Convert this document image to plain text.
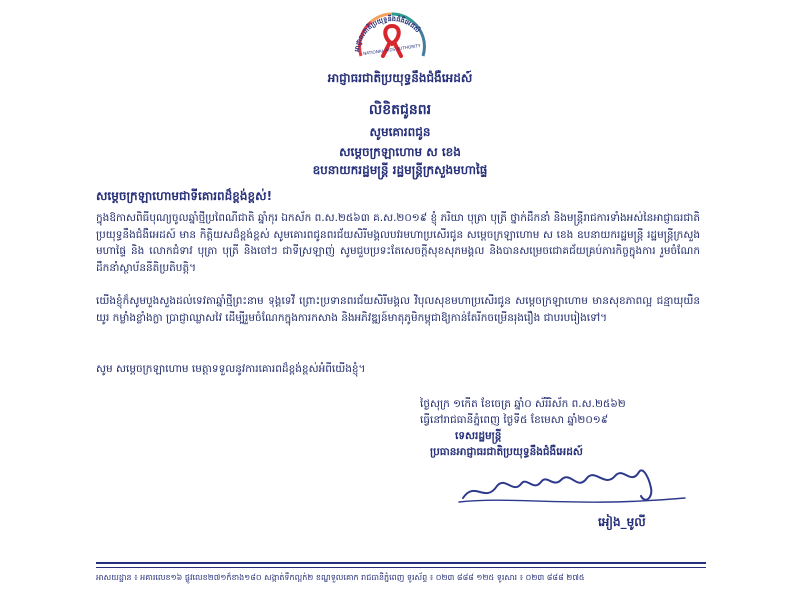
អាជ្ញាធរជាតិប្រយុទ្ធនឹងជំងឺអេដស៍
NATIONAL AIDS AUTHORITY
អាជ្ញាធរជាតិប្រយុទ្ធនឹងជំងឺអេដស៍
លិខិតជូនពរ
សូមគោរពជូន
សម្តេចក្រឡាហោម ស ខេង
ឧបនាយករដ្ឋមន្ត្រី រដ្ឋមន្ត្រីក្រសួងមហាផ្ទៃ
សម្តេចក្រឡាហោមជាទីគោរពដ៏ខ្ពង់ខ្ពស់!
ក្នុងឱកាសពិធីបុណ្យចូលឆ្នាំថ្មីប្រពៃណីជាតិ ឆ្នាំកុរ ឯកស័ក ព.ស.២៥៦៣ គ.ស.២០១៩ ខ្ញុំ ភរិយា បុត្រា បុត្រី ថ្នាក់ដឹកនាំ និងមន្ត្រីរាជការទាំងអស់នៃអាជ្ញាធរជាតិប្រយុទ្ធនឹងជំងឺអេដស៍ មាន កិត្តិយសដ៏ខ្ពង់ខ្ពស់ សូមគោរពជូនពរជ័យសិរីមង្គលបវរមហាប្រសើរជូន សម្តេចក្រឡាហោម ស ខេង ឧបនាយករដ្ឋមន្ត្រី រដ្ឋមន្ត្រីក្រសួងមហាផ្ទៃ និង លោកជំទាវ បុត្រា បុត្រី និងចៅៗ ជាទីស្រឡាញ់ សូមជួបប្រទះតែសេចក្តីសុខសុភមង្គល និងបានសម្រេចជោគជ័យគ្រប់ភារកិច្ចក្នុងការ រួមចំណែកដឹកនាំស្ថាប័ននីតិប្រតិបត្តិ។
យើងខ្ញុំក៏សូមបួងសួងដល់ទេវតាឆ្នាំថ្មីព្រះនាម ទុង្គទេវី ព្រោះប្រទានពរជ័យសិរីមង្គល វិបុលសុខមហាប្រសើរជូន សម្តេចក្រឡាហោម មានសុខភាពល្អ ជន្មាយុយឺនយូរ កម្លាំងខ្លាំងក្លា ប្រាជ្ញាឈ្លាសវៃ ដើម្បីរួមចំណែកក្នុងការកសាង និងអភិវឌ្ឍន៍មាតុភូមិកម្ពុជាឱ្យកាន់តែរីកចម្រើនរុងរឿង ជាបរបរៀងទៅ។
សូម សម្តេចក្រឡាហោម មេត្តាទទួលនូវការគោរពដ៏ខ្ពង់ខ្ពស់អំពីយើងខ្ញុំ។
ថ្ងៃសុក្រ ១កើត ខែចេត្រ ឆ្នាំ០ ស័រីរិស័ក ព.ស.២៥៦២
ធ្វើនៅរាជធានីភ្នំពេញ ថ្ងៃទី៥ ខែមេសា ឆ្នាំ២០១៩
ទេសរដ្ឋមន្ត្រី
ប្រធានអាជ្ញាធរជាតិប្រយុទ្ធនឹងជំងឺអេដស៍
អៀង_មូលី
អាសយដ្ឋាន ៖ អគារលេខ១៦ ផ្លូវលេខ២៧១ក៏ខាង១៨០ សង្កាត់ទឹកល្អក់២ ខណ្ឌទួលគោក រាជធានីភ្នំពេញ ទូរស័ព្ទ ៖ ០២៣ ៨៨៨ ១២៥ ទូរសារ ៖ ០២៣ ៨៨៨ ២៧៥
